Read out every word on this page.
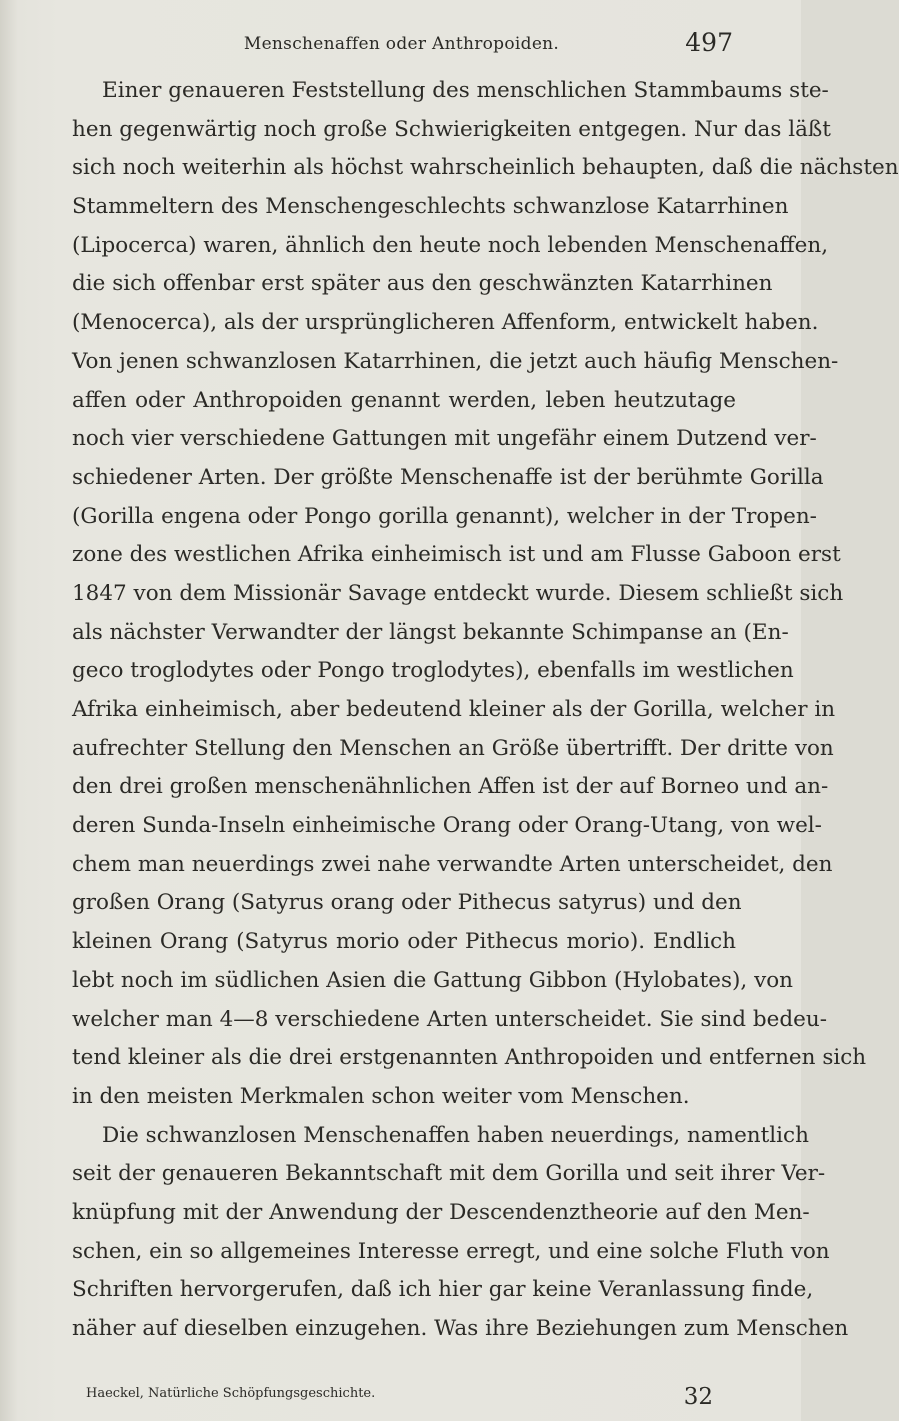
Menschenaffen oder Anthropoiden.	497
Einer genaueren Feststellung des menschlichen Stammbaums ste-
hen gegenwärtig noch große Schwierigkeiten entgegen. Nur das läßt
sich noch weiterhin als höchst wahrscheinlich behaupten, daß die nächsten
Stammeltern des Menschengeschlechts schwanzlose Katarrhinen
(Lipocerca) waren, ähnlich den heute noch lebenden Menschenaffen,
die sich offenbar erst später aus den geschwänzten Katarrhinen
(Menocerca), als der ursprünglicheren Affenform, entwickelt haben.
Von jenen schwanzlosen Katarrhinen, die jetzt auch häufig Menschen-
affen oder Anthropoiden genannt werden, leben heutzutage
noch vier verschiedene Gattungen mit ungefähr einem Dutzend ver-
schiedener Arten. Der größte Menschenaffe ist der berühmte Gorilla
(Gorilla engena oder Pongo gorilla genannt), welcher in der Tropen-
zone des westlichen Afrika einheimisch ist und am Flusse Gaboon erst
1847 von dem Missionär Savage entdeckt wurde. Diesem schließt sich
als nächster Verwandter der längst bekannte Schimpanse an (En-
geco troglodytes oder Pongo troglodytes), ebenfalls im westlichen
Afrika einheimisch, aber bedeutend kleiner als der Gorilla, welcher in
aufrechter Stellung den Menschen an Größe übertrifft. Der dritte von
den drei großen menschenähnlichen Affen ist der auf Borneo und an-
deren Sunda-Inseln einheimische Orang oder Orang-Utang, von wel-
chem man neuerdings zwei nahe verwandte Arten unterscheidet, den
großen Orang (Satyrus orang oder Pithecus satyrus) und den
kleinen Orang (Satyrus morio oder Pithecus morio). Endlich
lebt noch im südlichen Asien die Gattung Gibbon (Hylobates), von
welcher man 4—8 verschiedene Arten unterscheidet. Sie sind bedeu-
tend kleiner als die drei erstgenannten Anthropoiden und entfernen sich
in den meisten Merkmalen schon weiter vom Menschen.
Die schwanzlosen Menschenaffen haben neuerdings, namentlich
seit der genaueren Bekanntschaft mit dem Gorilla und seit ihrer Ver-
knüpfung mit der Anwendung der Descendenztheorie auf den Men-
schen, ein so allgemeines Interesse erregt, und eine solche Fluth von
Schriften hervorgerufen, daß ich hier gar keine Veranlassung finde,
näher auf dieselben einzugehen. Was ihre Beziehungen zum Menschen
Haeckel, Natürliche Schöpfungsgeschichte.	32
